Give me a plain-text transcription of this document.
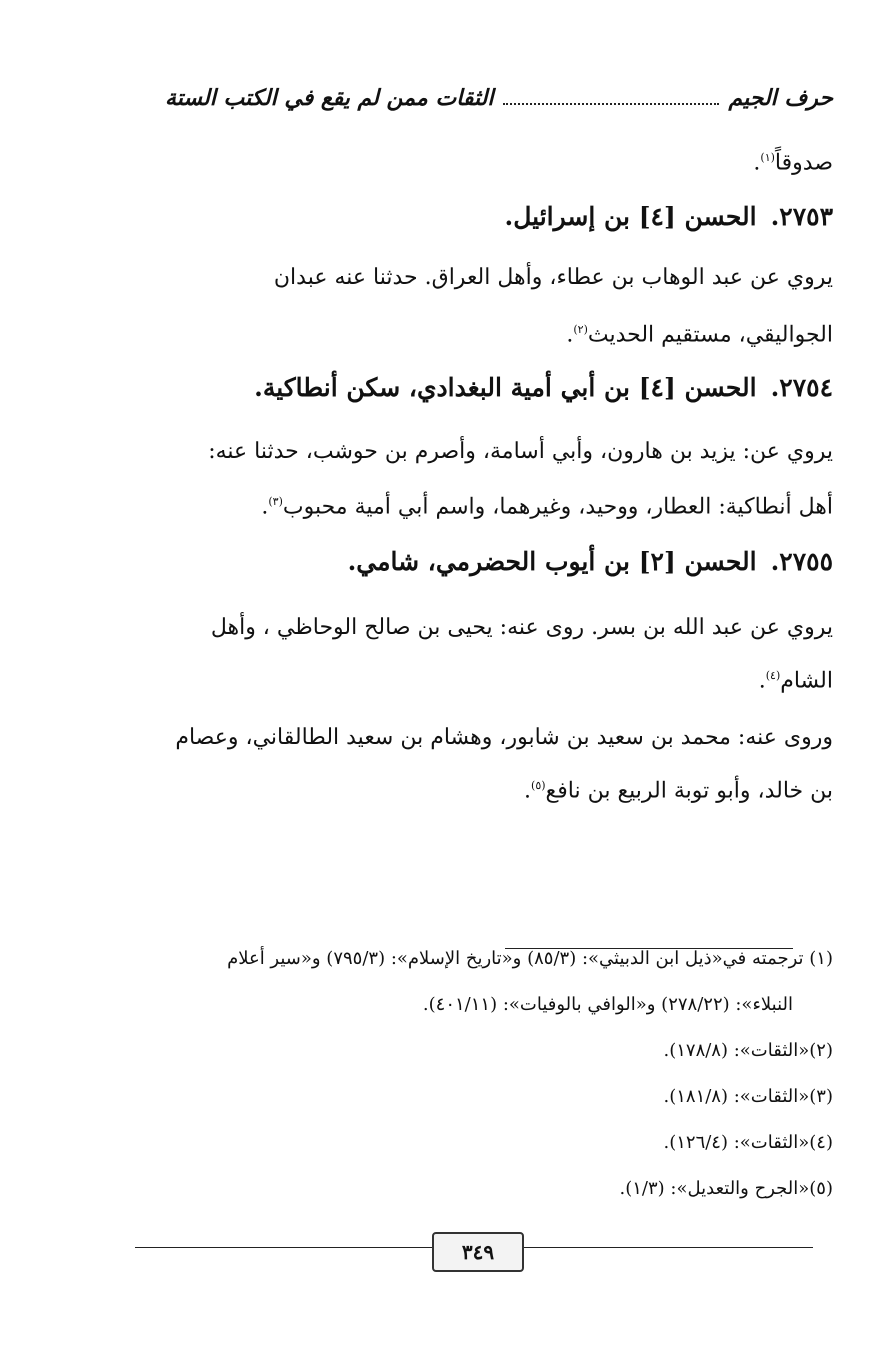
حرف الجيم
الثقات ممن لم يقع في الكتب الستة
صدوقاً$^{(١)}$.
٢٧٥٣.الحسن [٤] بن إسرائيل.
يروي عن عبد الوهاب بن عطاء، وأهل العراق. حدثنا عنه عبدان
الجواليقي، مستقيم الحديث$^{(٢)}$.
٢٧٥٤.الحسن [٤] بن أبي أمية البغدادي، سكن أنطاكية.
يروي عن: يزيد بن هارون، وأبي أسامة، وأصرم بن حوشب، حدثنا عنه:
أهل أنطاكية: العطار، ووحيد، وغيرهما، واسم أبي أمية محبوب$^{(٣)}$.
٢٧٥٥.الحسن [٢] بن أيوب الحضرمي، شامي.
يروي عن عبد الله بن بسر. روى عنه: يحيى بن صالح الوحاظي ، وأهل
الشام$^{(٤)}$.
وروى عنه: محمد بن سعيد بن شابور، وهشام بن سعيد الطالقاني، وعصام
بن خالد، وأبو توبة الربيع بن نافع$^{(٥)}$.

(١) ترجمته في«ذيل ابن الدبيثي»: (٨٥/٣) و«تاريخ الإسلام»: (٧٩٥/٣) و«سير أعلام

النبلاء»: (٢٧٨/٢٢) و«الوافي بالوفيات»: (٤٠١/١١).

(٢)«الثقات»: (١٧٨/٨).

(٣)«الثقات»: (١٨١/٨).

(٤)«الثقات»: (١٢٦/٤).

(٥)«الجرح والتعديل»: (١/٣).

٣٤٩
